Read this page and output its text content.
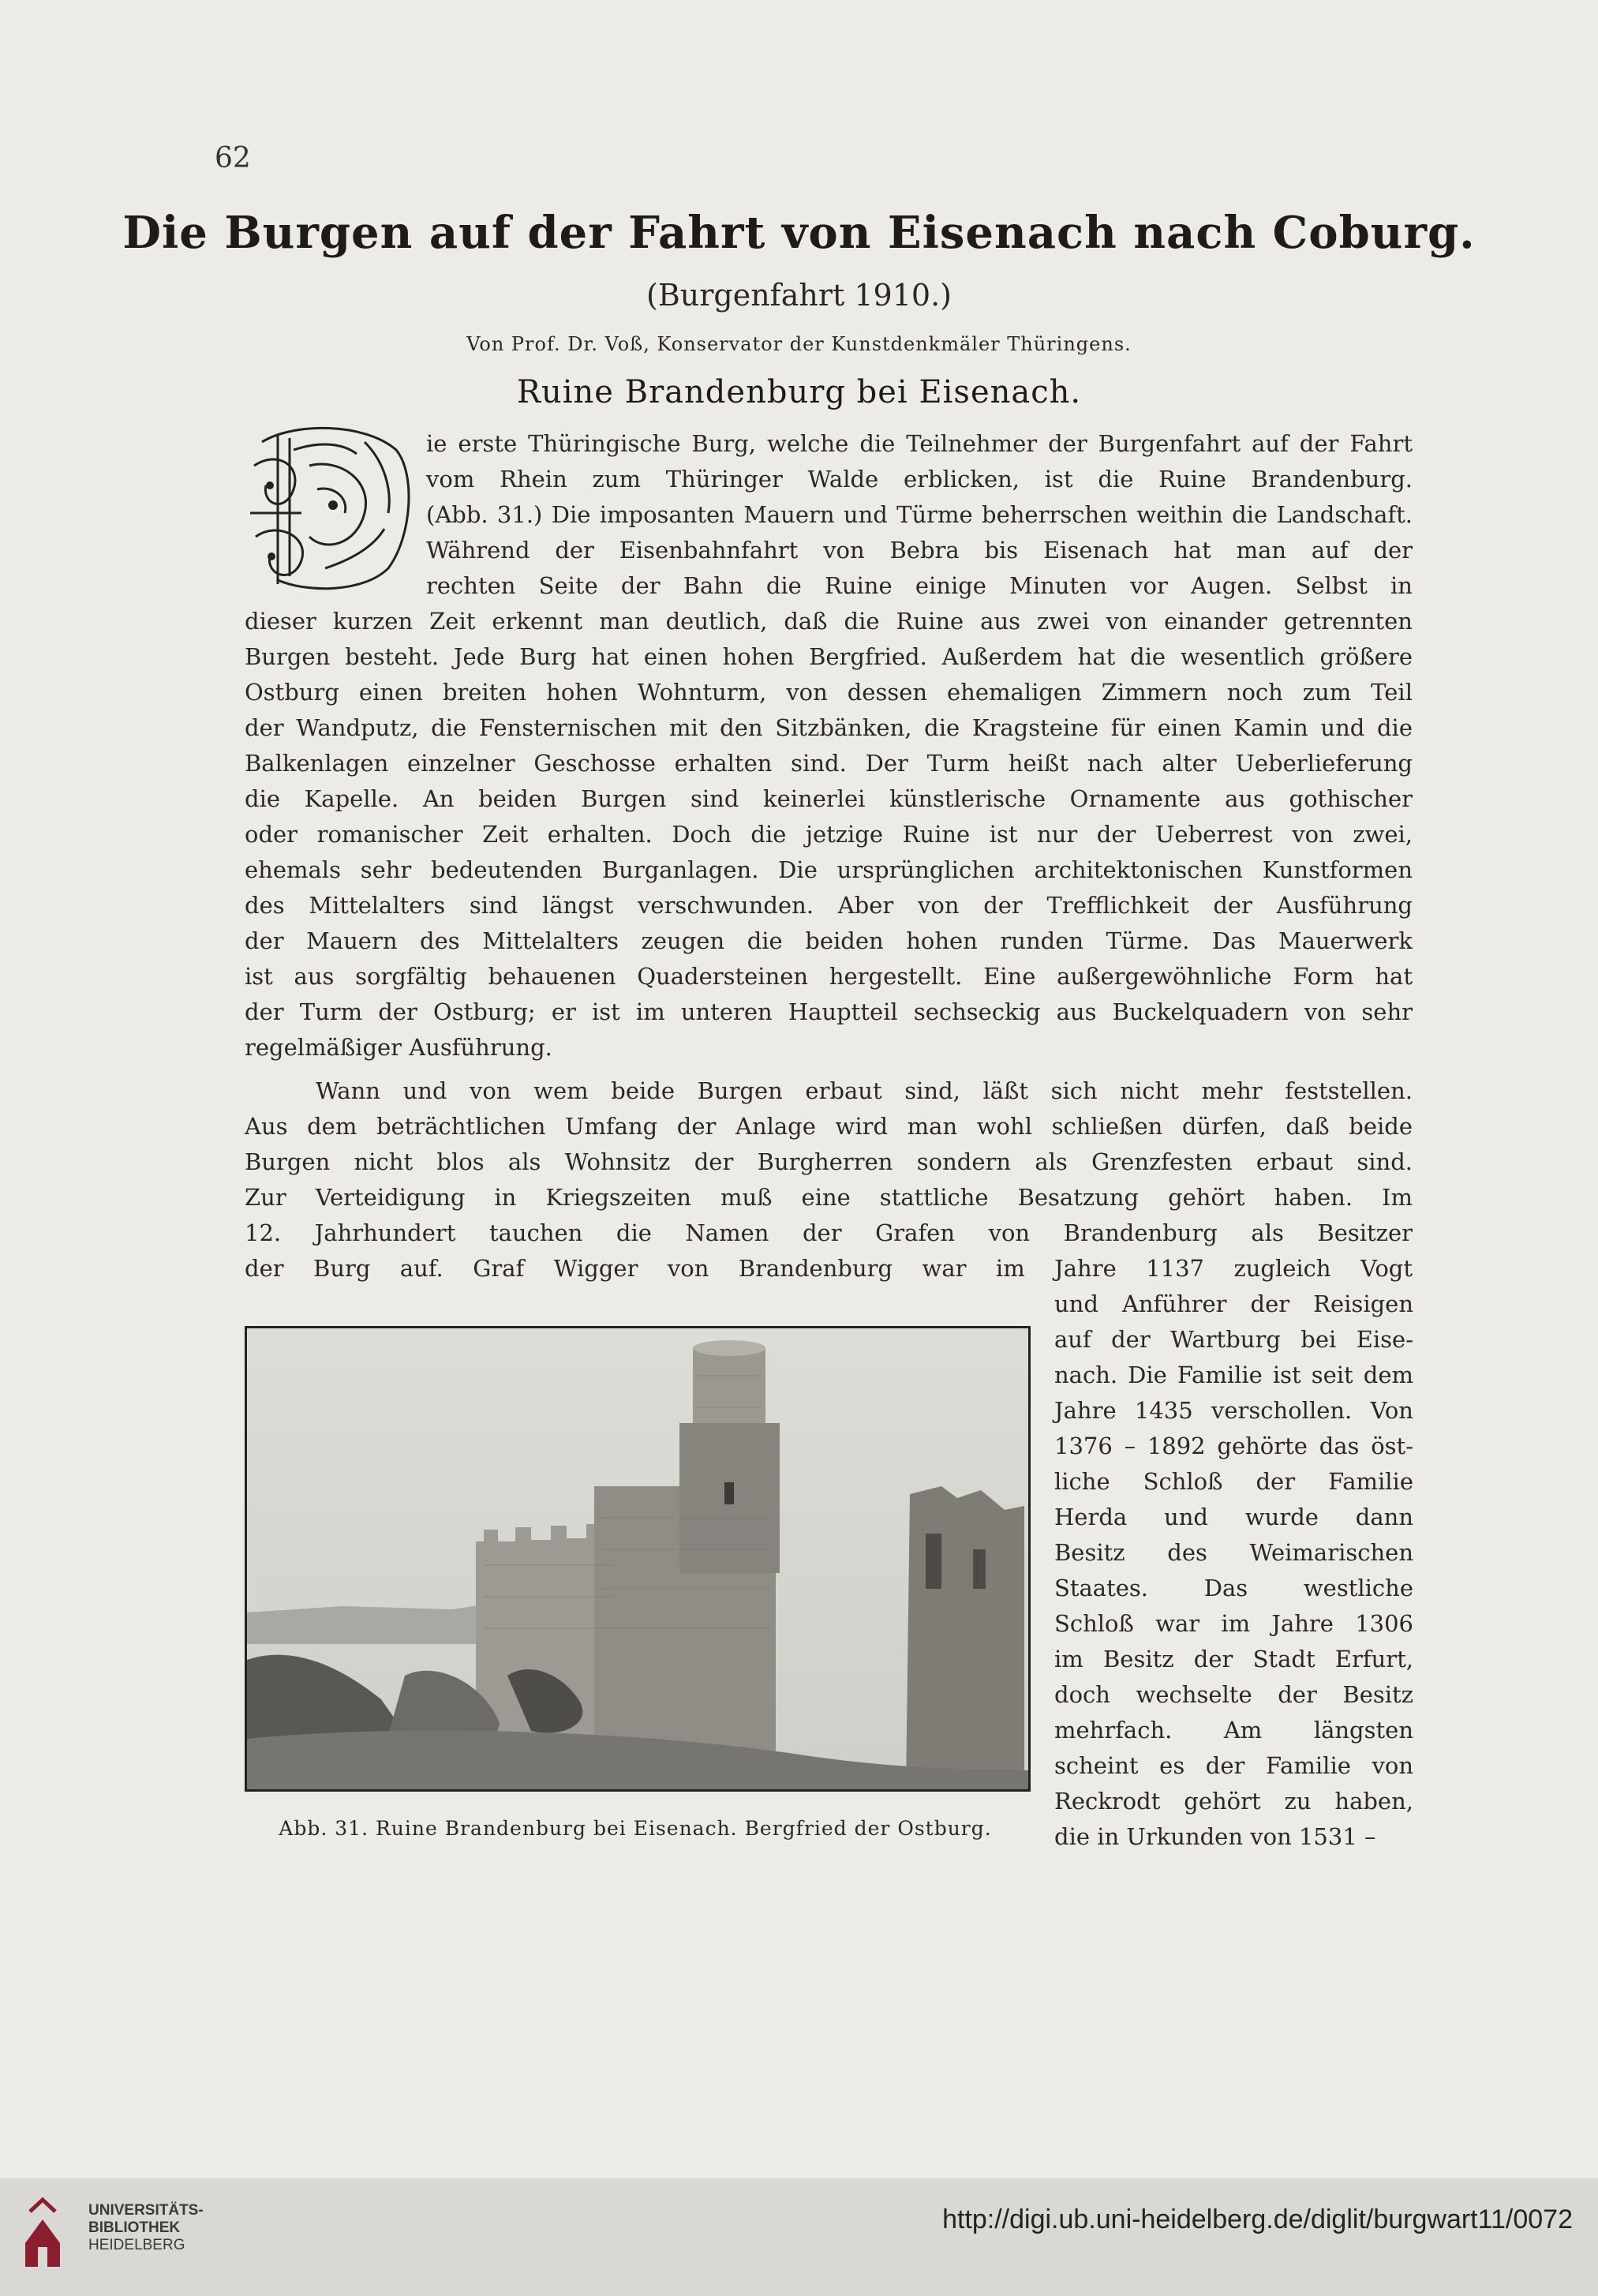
62
Die Burgen auf der Fahrt von Eisenach nach Coburg.
(Burgenfahrt 1910.)
Von Prof. Dr. Voß, Konservator der Kunstdenkmäler Thüringens.
Ruine Brandenburg bei Eisenach.
ie erste Thüringische Burg, welche die Teilnehmer der Burgenfahrt auf der Fahrt
vom Rhein zum Thüringer Walde erblicken, ist die Ruine Brandenburg.
(Abb. 31.) Die imposanten Mauern und Türme beherrschen weithin die Landschaft.
Während der Eisenbahnfahrt von Bebra bis Eisenach hat man auf der
rechten Seite der Bahn die Ruine einige Minuten vor Augen. Selbst in
dieser kurzen Zeit erkennt man deutlich, daß die Ruine aus zwei von einander getrennten
Burgen besteht. Jede Burg hat einen hohen Bergfried. Außerdem hat die wesentlich größere
Ostburg einen breiten hohen Wohnturm, von dessen ehemaligen Zimmern noch zum Teil
der Wandputz, die Fensternischen mit den Sitzbänken, die Kragsteine für einen Kamin und die
Balkenlagen einzelner Geschosse erhalten sind. Der Turm heißt nach alter Ueberlieferung
die Kapelle. An beiden Burgen sind keinerlei künstlerische Ornamente aus gothischer
oder romanischer Zeit erhalten. Doch die jetzige Ruine ist nur der Ueberrest von zwei,
ehemals sehr bedeutenden Burganlagen. Die ursprünglichen architektonischen Kunstformen
des Mittelalters sind längst verschwunden. Aber von der Trefflichkeit der Ausführung
der Mauern des Mittelalters zeugen die beiden hohen runden Türme. Das Mauerwerk
ist aus sorgfältig behauenen Quadersteinen hergestellt. Eine außergewöhnliche Form hat
der Turm der Ostburg; er ist im unteren Hauptteil sechseckig aus Buckelquadern von sehr
regelmäßiger Ausführung.
Wann und von wem beide Burgen erbaut sind, läßt sich nicht mehr feststellen.
Aus dem beträchtlichen Umfang der Anlage wird man wohl schließen dürfen, daß beide
Burgen nicht blos als Wohnsitz der Burgherren sondern als Grenzfesten erbaut sind.
Zur Verteidigung in Kriegszeiten muß eine stattliche Besatzung gehört haben. Im
12. Jahrhundert tauchen die Namen der Grafen von Brandenburg als Besitzer
der Burg auf. Graf Wigger von Brandenburg war im Jahre 1137 zugleich Vogt
und Anführer der Reisigen
auf der Wartburg bei Eise-
nach. Die Familie ist seit dem
Jahre 1435 verschollen. Von
1376 – 1892 gehörte das öst-
liche Schloß der Familie
Herda und wurde dann
Besitz des Weimarischen
Staates. Das westliche
Schloß war im Jahre 1306
im Besitz der Stadt Erfurt,
doch wechselte der Besitz
mehrfach. Am längsten
scheint es der Familie von
Reckrodt gehört zu haben,
die in Urkunden von 1531 –
Abb. 31. Ruine Brandenburg bei Eisenach. Bergfried der Ostburg.
UNIVERSITÄTS-
BIBLIOTHEK
HEIDELBERG
http://digi.ub.uni-heidelberg.de/diglit/burgwart11/0072
